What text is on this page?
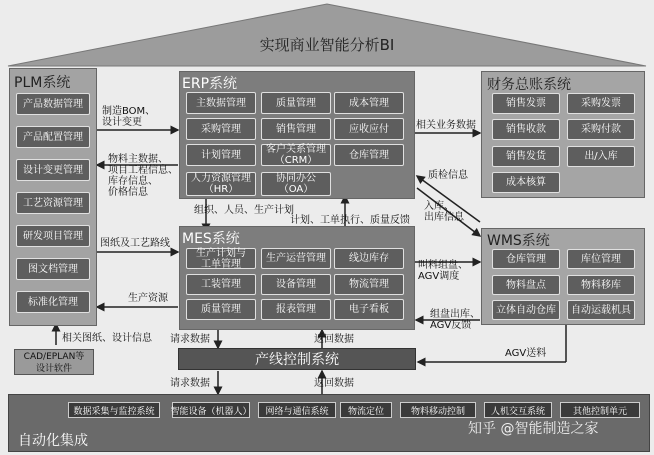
实现商业智能分析BI
PLM系统	ERP系统	财务总账系统
MES系统	WMS系统
产线控制系统
CAD/EPLAN等
设计软件
自动化集成
制造BOM、
设计变更
物料主数据、
项目工程信息、
库存信息、
价格信息
图纸及工艺路线
生产资源
相关图纸、设计信息
相关业务数据
组织、人员、生产计划
计划、工单执行、质量反馈
质检信息
入库、
出库信息
叫料组盘、
AGV调度
组盘出库、
AGV反馈
请求数据	返回数据
请求数据	返回数据
AGV送料
知乎 @智能制造之家
产品数据管理
产品配置管理
设计变更管理
工艺资源管理
研发项目管理
图文档管理
标准化管理
主数据管理	质量管理	成本管理
采购管理	销售管理	应收应付
计划管理	客户关系管理
（CRM）	仓库管理
人力资源管理
（HR）
协同办公
（OA）
销售发票	采购发票
销售收款	采购付款
销售发货	出/入库
成本核算
生产计划与
工单管理	生产运营管理	线边库存
工装管理	设备管理	物流管理
质量管理	报表管理	电子看板
仓库管理	库位管理
物料盘点	物料移库
立体自动仓库	自动运载机具
数据采集与监控系统	智能设备（机器人）	网络与通信系统	物流定位	物料移动控制	人机交互系统	其他控制单元
